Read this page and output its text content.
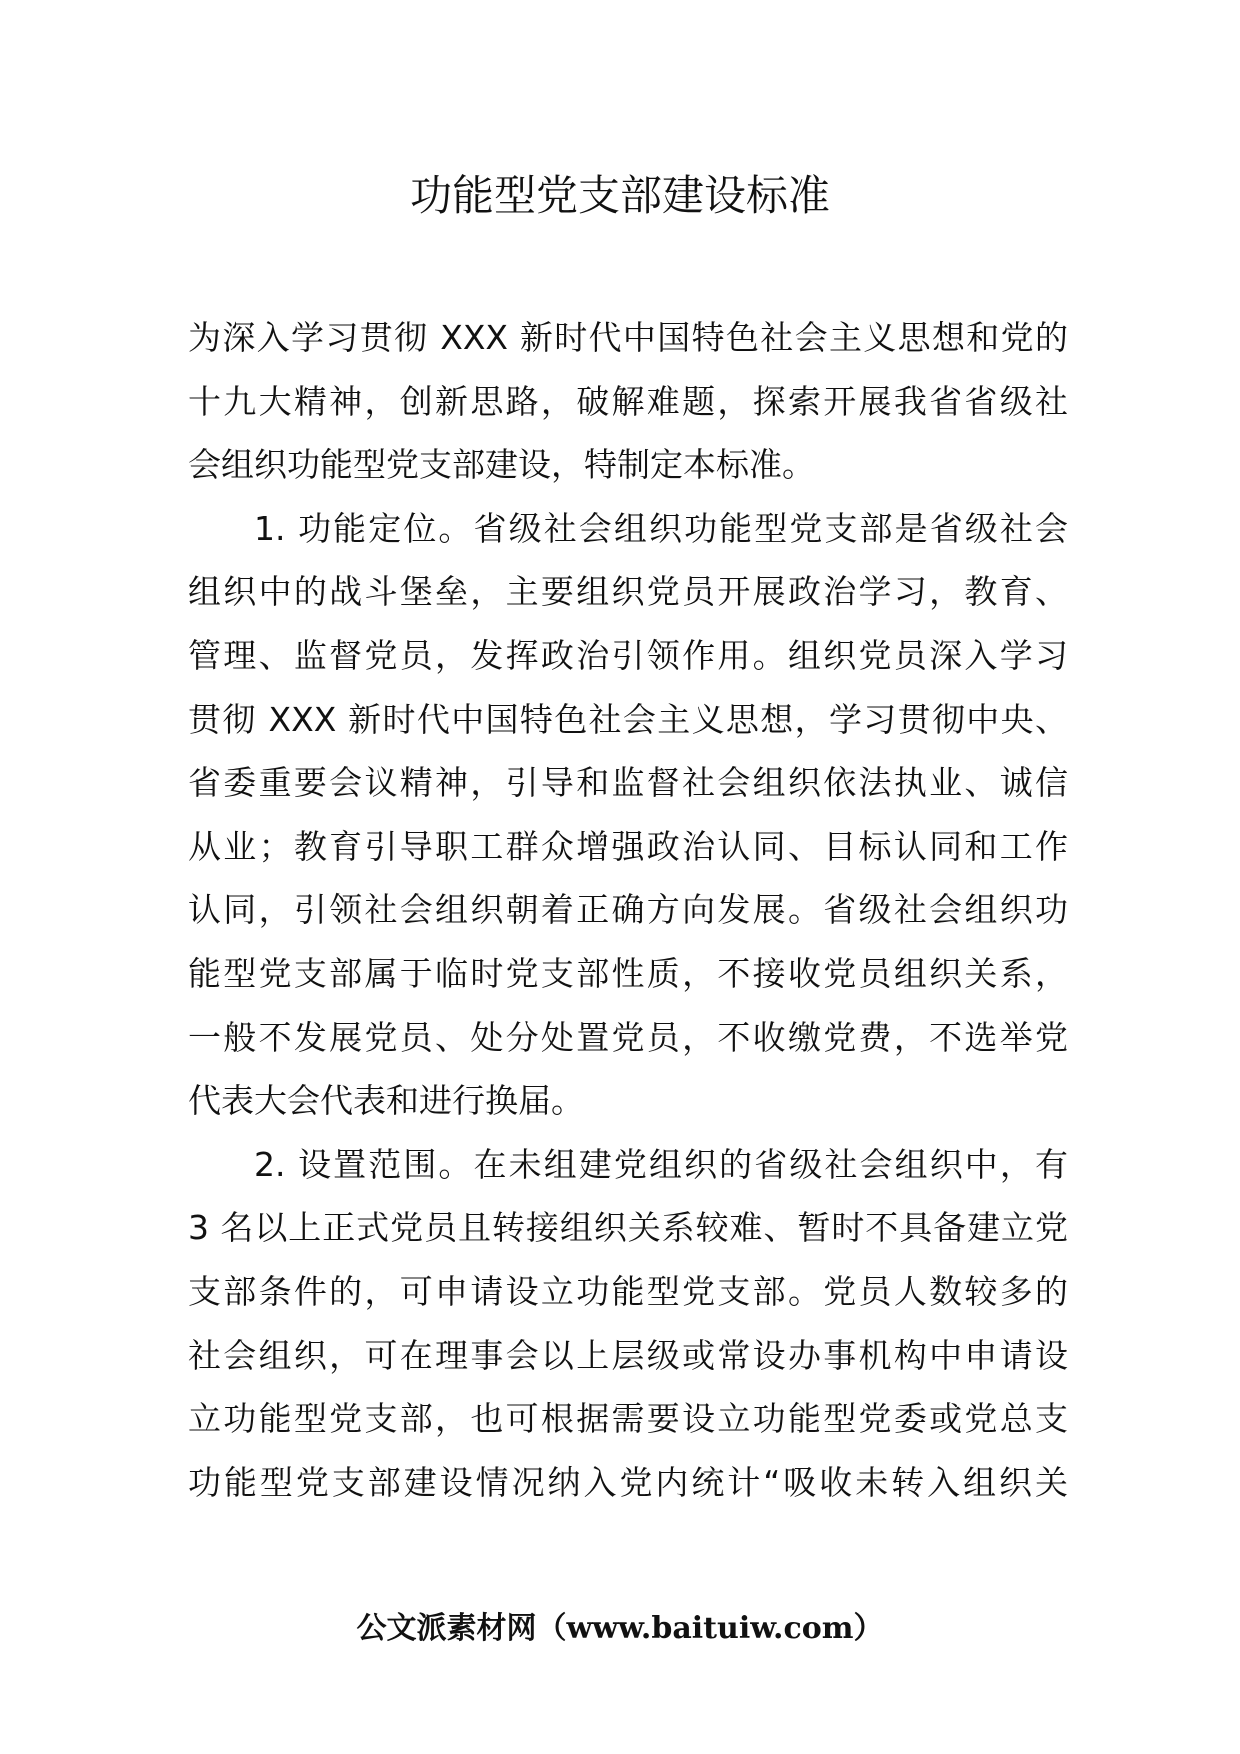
功能型党支部建设标准
为深入学习贯彻 XXX 新时代中国特色社会主义思想和党的
十九大精神，创新思路，破解难题，探索开展我省省级社
会组织功能型党支部建设，特制定本标准。
1. 功能定位。省级社会组织功能型党支部是省级社会
组织中的战斗堡垒，主要组织党员开展政治学习，教育、
管理、监督党员，发挥政治引领作用。组织党员深入学习
贯彻 XXX 新时代中国特色社会主义思想，学习贯彻中央、
省委重要会议精神，引导和监督社会组织依法执业、诚信
从业；教育引导职工群众增强政治认同、目标认同和工作
认同，引领社会组织朝着正确方向发展。省级社会组织功
能型党支部属于临时党支部性质，不接收党员组织关系，
一般不发展党员、处分处置党员，不收缴党费，不选举党
代表大会代表和进行换届。
2. 设置范围。在未组建党组织的省级社会组织中，有
3 名以上正式党员且转接组织关系较难、暂时不具备建立党
支部条件的，可申请设立功能型党支部。党员人数较多的
社会组织，可在理事会以上层级或常设办事机构中申请设
立功能型党支部，也可根据需要设立功能型党委或党总支
功能型党支部建设情况纳入党内统计“吸收未转入组织关
公文派素材网（www.baituiw.com）
